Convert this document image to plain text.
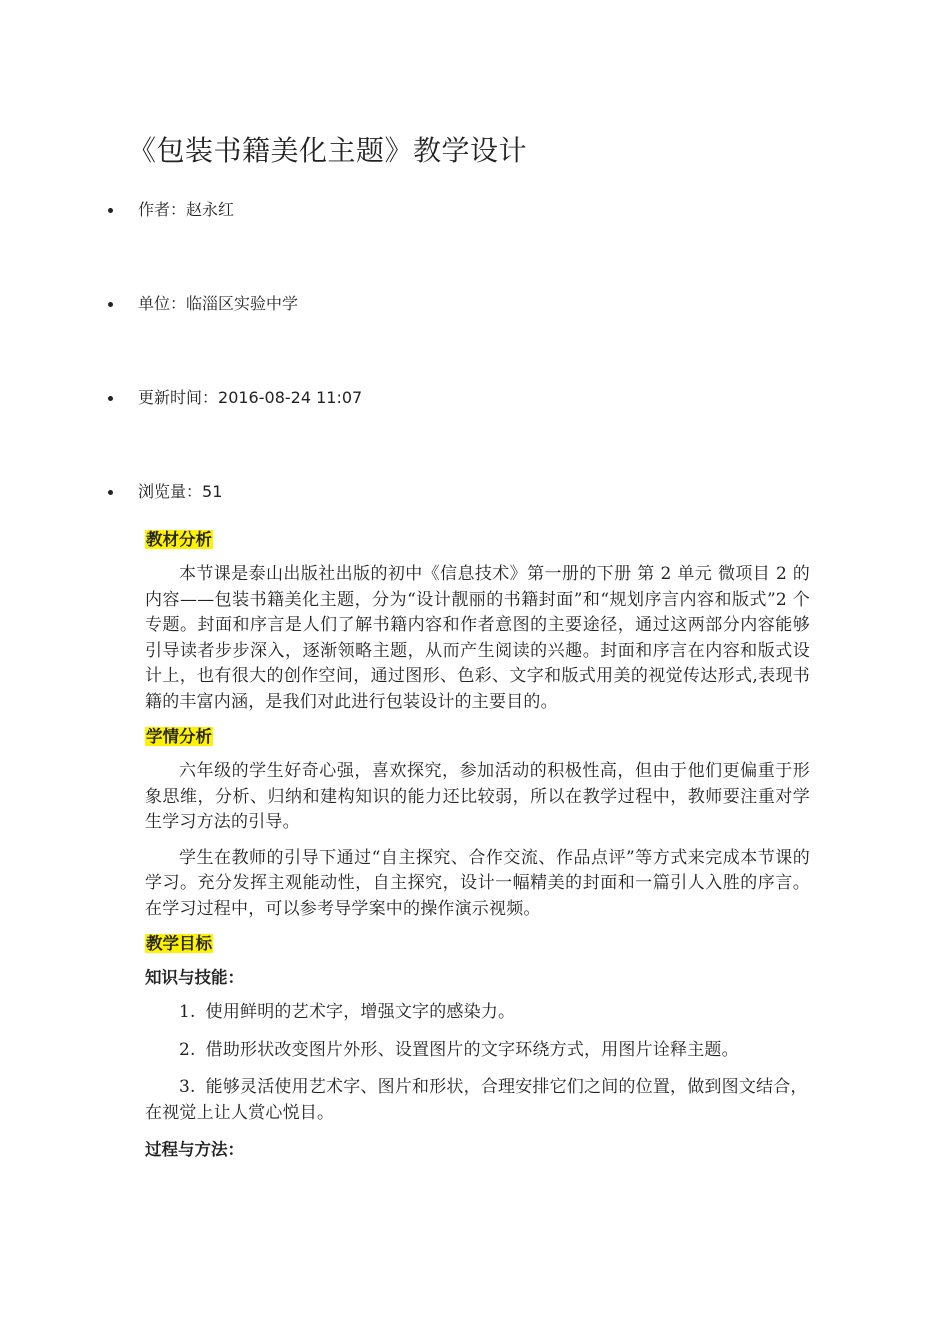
《包装书籍美化主题》教学设计
作者：赵永红
单位：临淄区实验中学
更新时间：2016-08-24 11:07
浏览量：51
教材分析

本节课是泰山出版社出版的初中《信息技术》第一册的下册 第 2 单元 微项目 2 的内容——包装书籍美化主题，分为“设计靓丽的书籍封面”和“规划序言内容和版式”2 个专题。封面和序言是人们了解书籍内容和作者意图的主要途径，通过这两部分内容能够引导读者步步深入，逐渐领略主题，从而产生阅读的兴趣。封面和序言在内容和版式设计上，也有很大的创作空间，通过图形、色彩、文字和版式用美的视觉传达形式,表现书籍的丰富内涵，是我们对此进行包装设计的主要目的。

学情分析

六年级的学生好奇心强，喜欢探究，参加活动的积极性高，但由于他们更偏重于形象思维，分析、归纳和建构知识的能力还比较弱，所以在教学过程中，教师要注重对学生学习方法的引导。

学生在教师的引导下通过“自主探究、合作交流、作品点评”等方式来完成本节课的学习。充分发挥主观能动性，自主探究，设计一幅精美的封面和一篇引人入胜的序言。在学习过程中，可以参考导学案中的操作演示视频。

教学目标
知识与技能：

1. 使用鲜明的艺术字，增强文字的感染力。

2. 借助形状改变图片外形、设置图片的文字环绕方式，用图片诠释主题。

3. 能够灵活使用艺术字、图片和形状，合理安排它们之间的位置，做到图文结合，在视觉上让人赏心悦目。

过程与方法：
